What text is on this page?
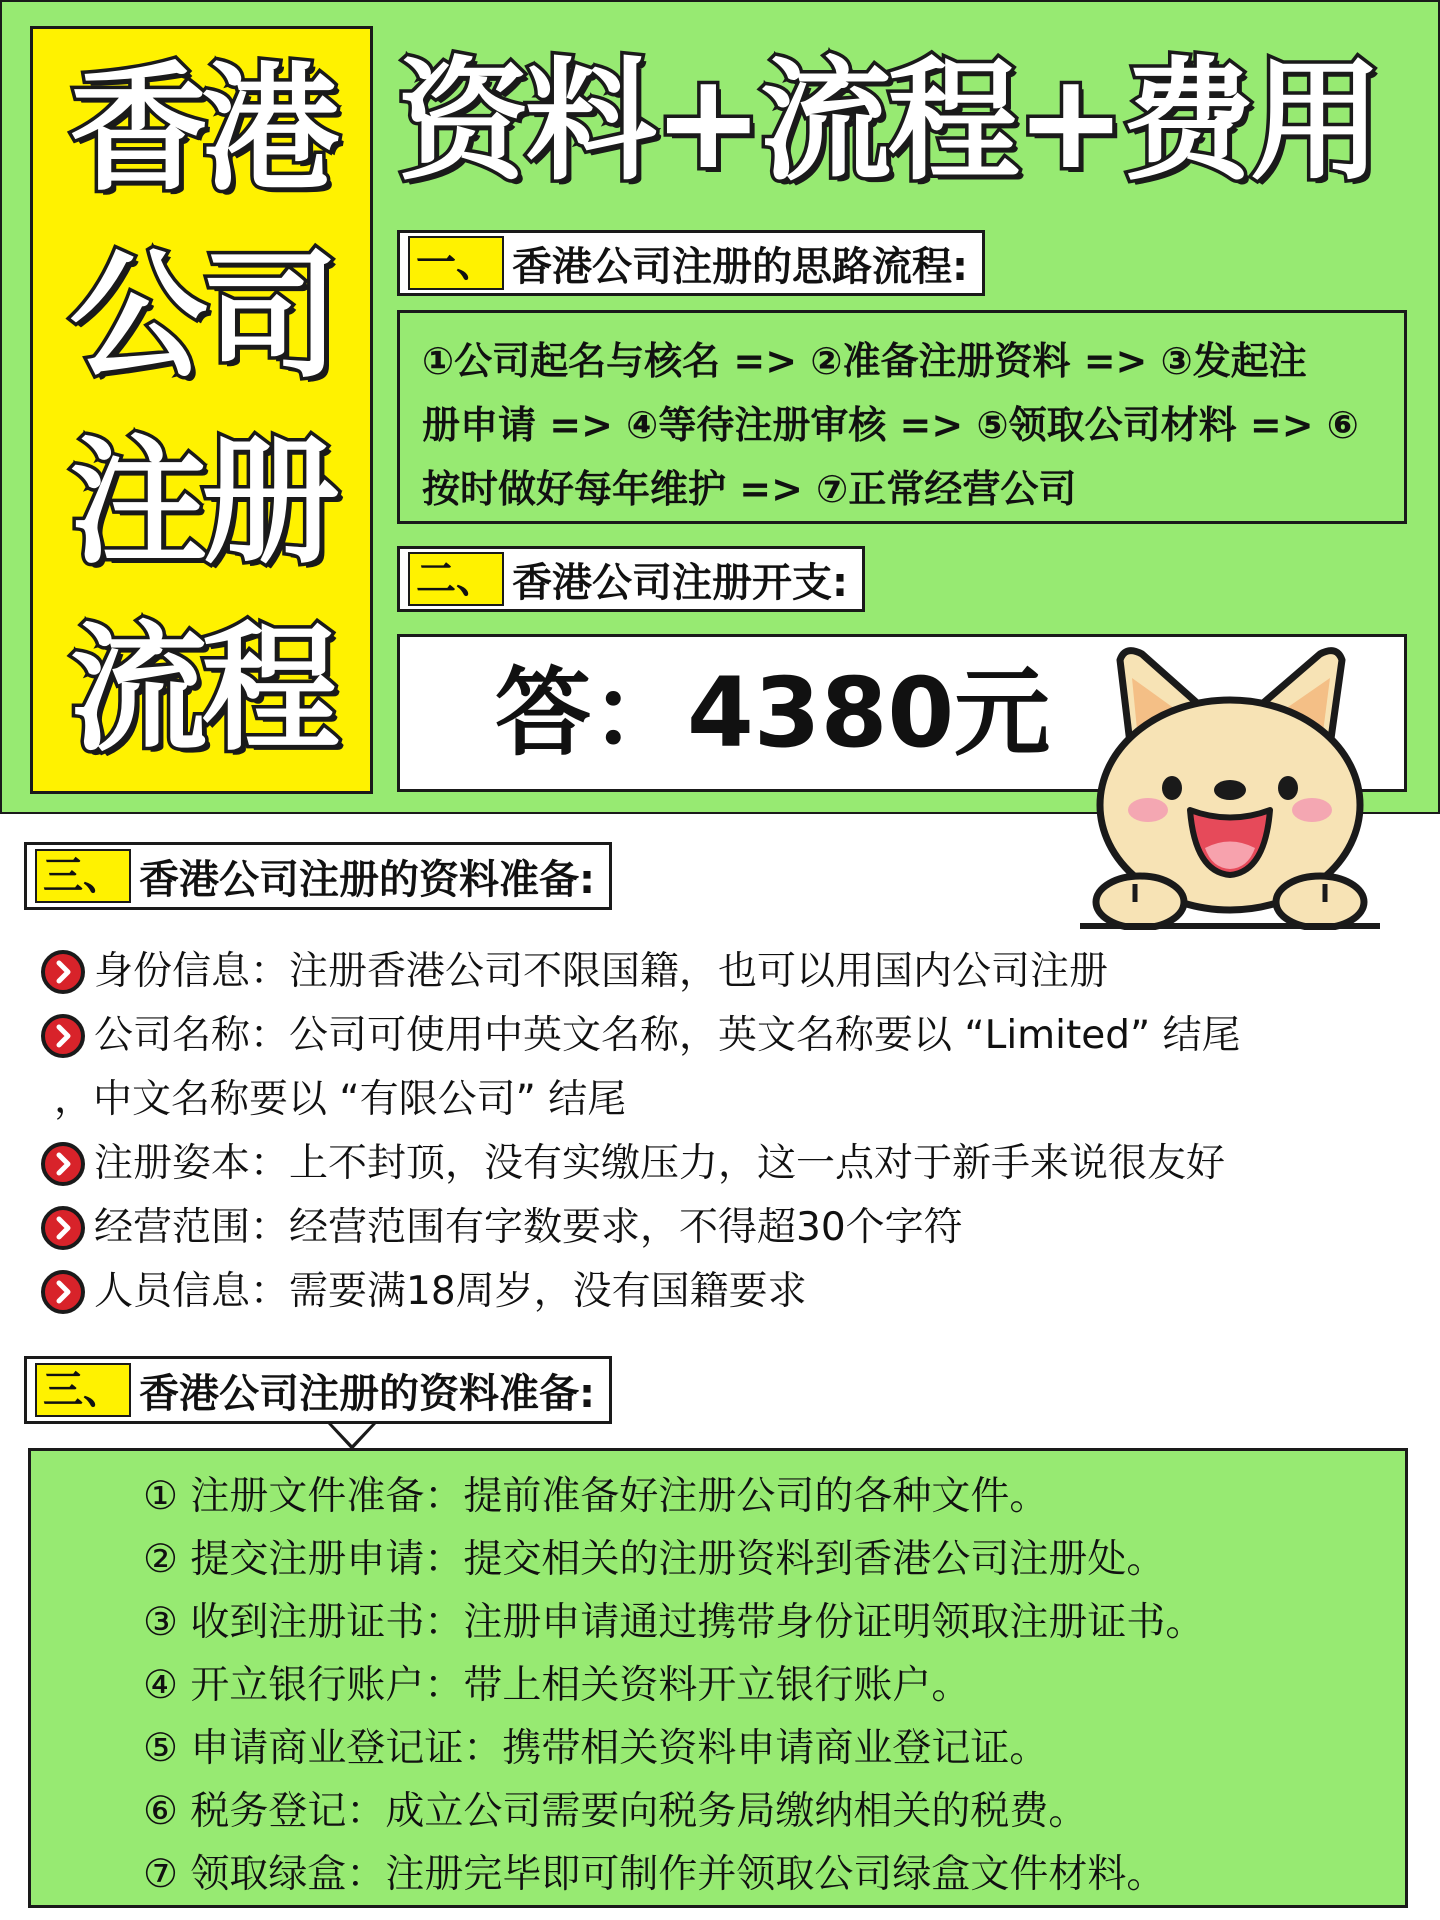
香港
公司
注册
流程
资料+流程+费用
一、 香港公司注册的思路流程:
①公司起名与核名 => ②准备注册资料 => ③发起注
册申请 => ④等待注册审核 => ⑤领取公司材料 => ⑥
按时做好每年维护 => ⑦正常经营公司
二、 香港公司注册开支:
答：4380元
三、 香港公司注册的资料准备:
身份信息：注册香港公司不限国籍，也可以用国内公司注册
公司名称：公司可使用中英文名称，英文名称要以 “Limited” 结尾
，中文名称要以 “有限公司” 结尾
注册姿本：上不封顶，没有实缴压力，这一点对于新手来说很友好
经营范围：经营范围有字数要求，不得超30个字符
人员信息：需要满18周岁，没有国籍要求
① 注册文件准备：提前准备好注册公司的各种文件。
② 提交注册申请：提交相关的注册资料到香港公司注册处。
③ 收到注册证书：注册申请通过携带身份证明领取注册证书。
④ 开立银行账户：带上相关资料开立银行账户。
⑤ 申请商业登记证：携带相关资料申请商业登记证。
⑥ 税务登记：成立公司需要向税务局缴纳相关的税费。
⑦ 领取绿盒：注册完毕即可制作并领取公司绿盒文件材料。
三、 香港公司注册的资料准备:
